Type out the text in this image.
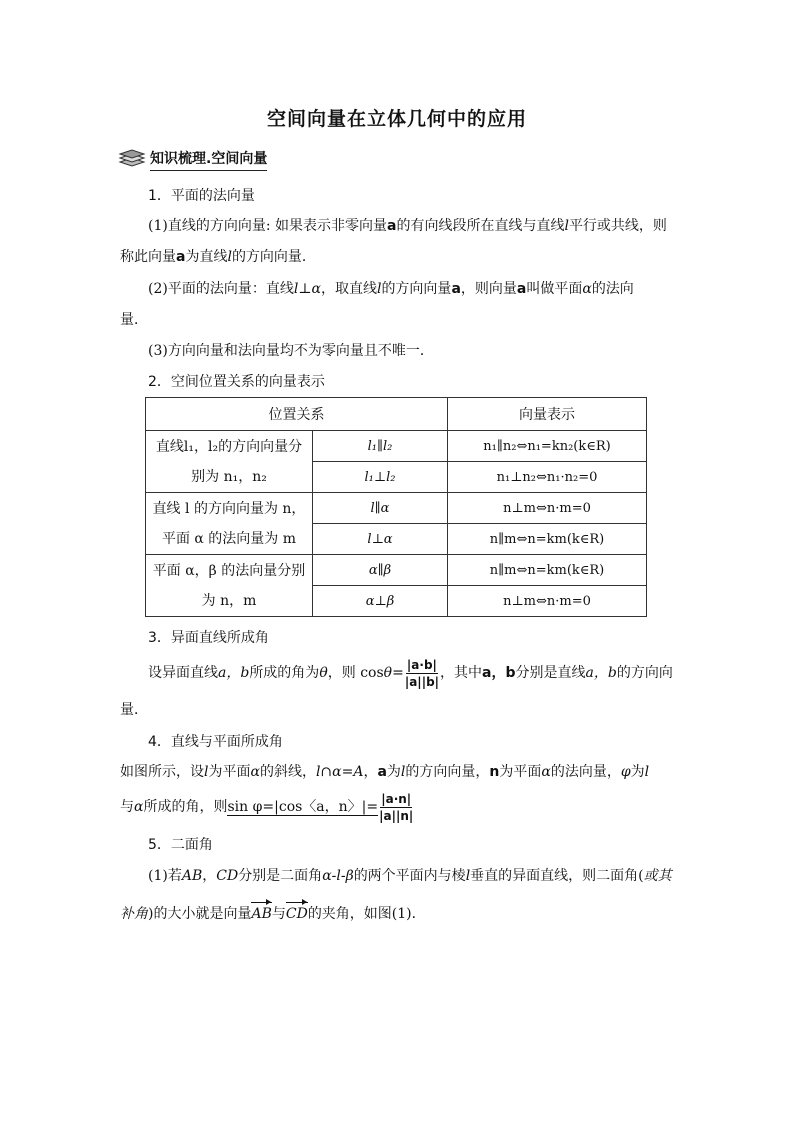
空间向量在立体几何中的应用
知识梳理.空间向量
1．平面的法向量
(1)直线的方向向量: 如果表示非零向量a的有向线段所在直线与直线l平行或共线，则
称此向量a为直线l的方向向量．
(2)平面的法向量：直线l⊥α，取直线l的方向向量a，则向量a叫做平面α的法向
量．
(3)方向向量和法向量均不为零向量且不唯一．
2．空间位置关系的向量表示
位置关系		向量表示

直线l₁，l₂的方向向量分
别为 n₁，n₂	l₁∥l₂	n₁∥n₂⇔n₁=kn₂(k∈R)
	l₁⊥l₂	n₁⊥n₂⇔n₁·n₂=0

直线 l 的方向向量为 n，
平面 α 的法向量为 m	l∥α	n⊥m⇔n·m=0
	l⊥α	n∥m⇔n=km(k∈R)

平面 α，β 的法向量分别
为 n，m	α∥β	n∥m⇔n=km(k∈R)
	α⊥β	n⊥m⇔n·m=0
3．异面直线所成角
设异面直线a，b所成的角为θ，则 $\cos\theta= \frac{|a\cdot b|}{|a||b|}$ ，其中a，b分别是直线a，b的方向向
量．
4．直线与平面所成角
如图所示，设l为平面α的斜线，l∩α=A，a为l的方向向量，n为平面α的法向量，φ为l
与α所成的角，则sin φ=|cos〈a，n〉|= $\frac{|a\cdot n|}{|a||n|}$
5．二面角
(1)若AB，CD分别是二面角α-l-β的两个平面内与棱l垂直的异面直线，则二面角(或其
补角)的大小就是向量AB与CD的夹角，如图(1)．
